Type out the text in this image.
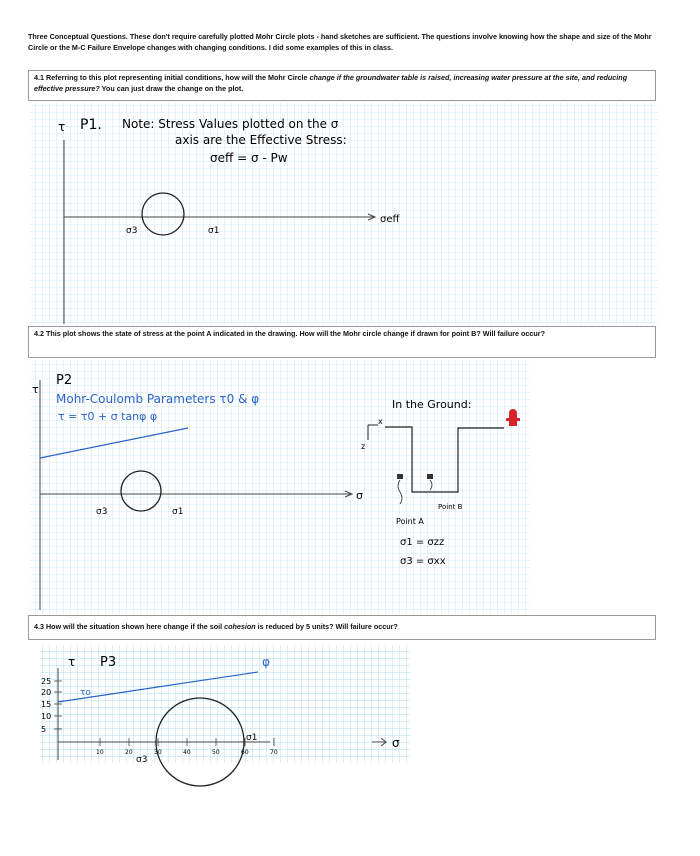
Three Conceptual Questions. These don't require carefully plotted Mohr Circle plots - hand sketches are sufficient. The questions involve knowing how the shape and size of the Mohr Circle or the M-C Failure Envelope changes with changing conditions. I did some examples of this in class.
4.1 Referring to this plot representing initial conditions, how will the Mohr Circle change if the groundwater table is raised, increasing water pressure at the site, and reducing effective pressure? You can just draw the change on the plot.
4.2 This plot shows the state of stress at the point A indicated in the drawing. How will the Mohr circle change if drawn for point B? Will failure occur?
4.3 How will the situation shown here change if the soil cohesion is reduced by 5 units? Will failure occur?
τ P1. Note: Stress Values plotted on the σ
axis are the Effective Stress:
σeff = σ - Pw
σ3	σ1
σeff
τ
P2
Mohr-Coulomb Parameters τ0 & φ
τ = τ0 + σ tanφ φ
σ3	σ1
σ
In the Ground:
x
z
Point B
Point A
σ1 = σzz
σ3 = σxx
25
20
15
10
5
10	20	30	40	50	60	70
τ P3	φ
τo
σ3
σ1	σ
